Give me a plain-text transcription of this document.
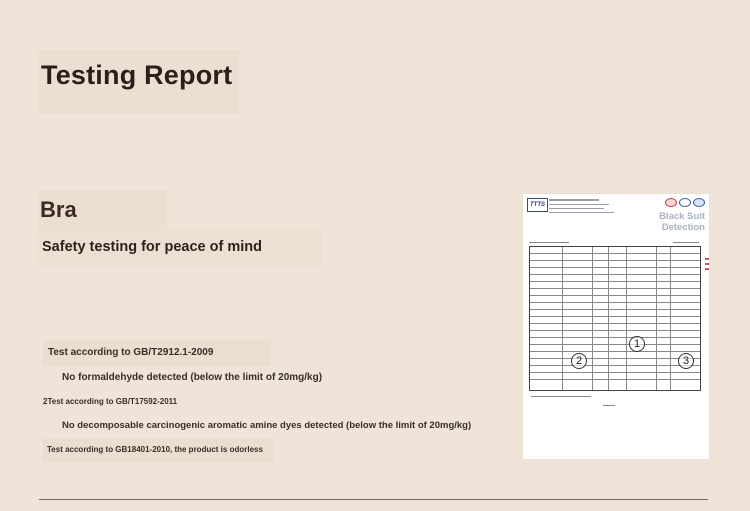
Testing Report
Bra

Safety testing for peace of mind

Test according to GB/T2912.1-2009

No formaldehyde detected (below the limit of 20mg/kg)

2Test according to GB/T17592-2011

No decomposable carcinogenic aromatic amine dyes detected (below the limit of 20mg/kg)

Test according to GB18401-2010, the product is odorless

TTTS
Black Suit
Detection
1
2	3
